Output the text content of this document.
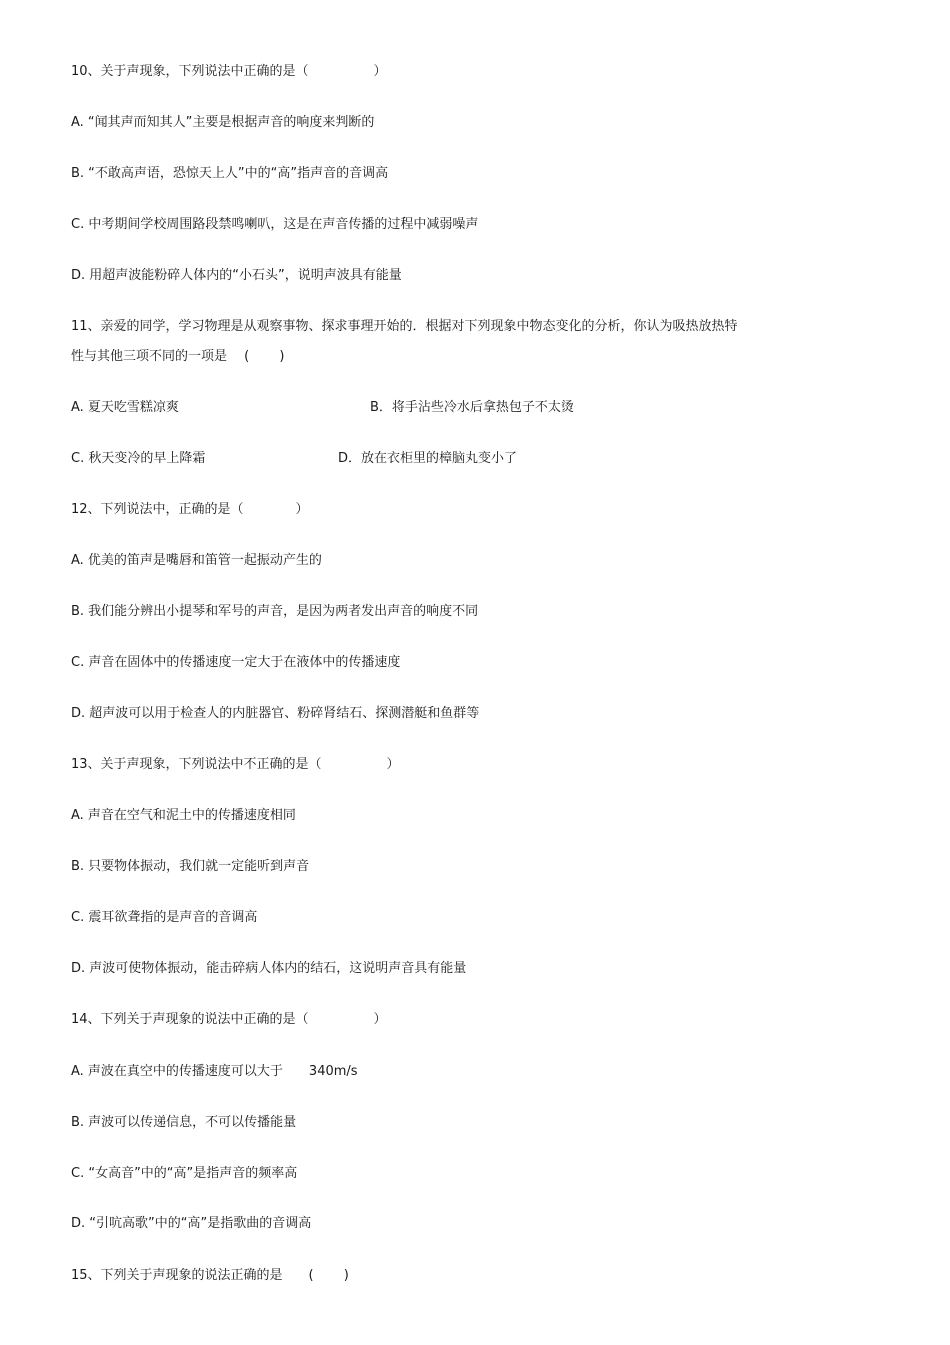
10、关于声现象，下列说法中正确的是（　　　　　）
A. “闻其声而知其人”主要是根据声音的响度来判断的
B. “不敢高声语，恐惊天上人”中的“高”指声音的音调高
C. 中考期间学校周围路段禁鸣喇叭，这是在声音传播的过程中减弱噪声
D. 用超声波能粉碎人体内的“小石头”，说明声波具有能量
11、亲爱的同学，学习物理是从观察事物、探求事理开始的．根据对下列现象中物态变化的分析，你认为吸热放热特
性与其他三项不同的一项是　 (　　 )
A. 夏天吃雪糕凉爽	B．将手沾些冷水后拿热包子不太烫
C. 秋天变冷的早上降霜	D．放在衣柜里的樟脑丸变小了
12、下列说法中，正确的是（　　　　）
A. 优美的笛声是嘴唇和笛管一起振动产生的
B. 我们能分辨出小提琴和军号的声音，是因为两者发出声音的响度不同
C. 声音在固体中的传播速度一定大于在液体中的传播速度
D. 超声波可以用于检查人的内脏器官、粉碎肾结石、探测潜艇和鱼群等
13、关于声现象，下列说法中不正确的是（　　　　　）
A. 声音在空气和泥土中的传播速度相同
B. 只要物体振动，我们就一定能听到声音
C. 震耳欲聋指的是声音的音调高
D. 声波可使物体振动，能击碎病人体内的结石，这说明声音具有能量
14、下列关于声现象的说法中正确的是（　　　　　）
A. 声波在真空中的传播速度可以大于　　340m/s
B. 声波可以传递信息，不可以传播能量
C. “女高音”中的“高”是指声音的频率高
D. “引吭高歌”中的“高”是指歌曲的音调高
15、下列关于声现象的说法正确的是　　(　　 )
